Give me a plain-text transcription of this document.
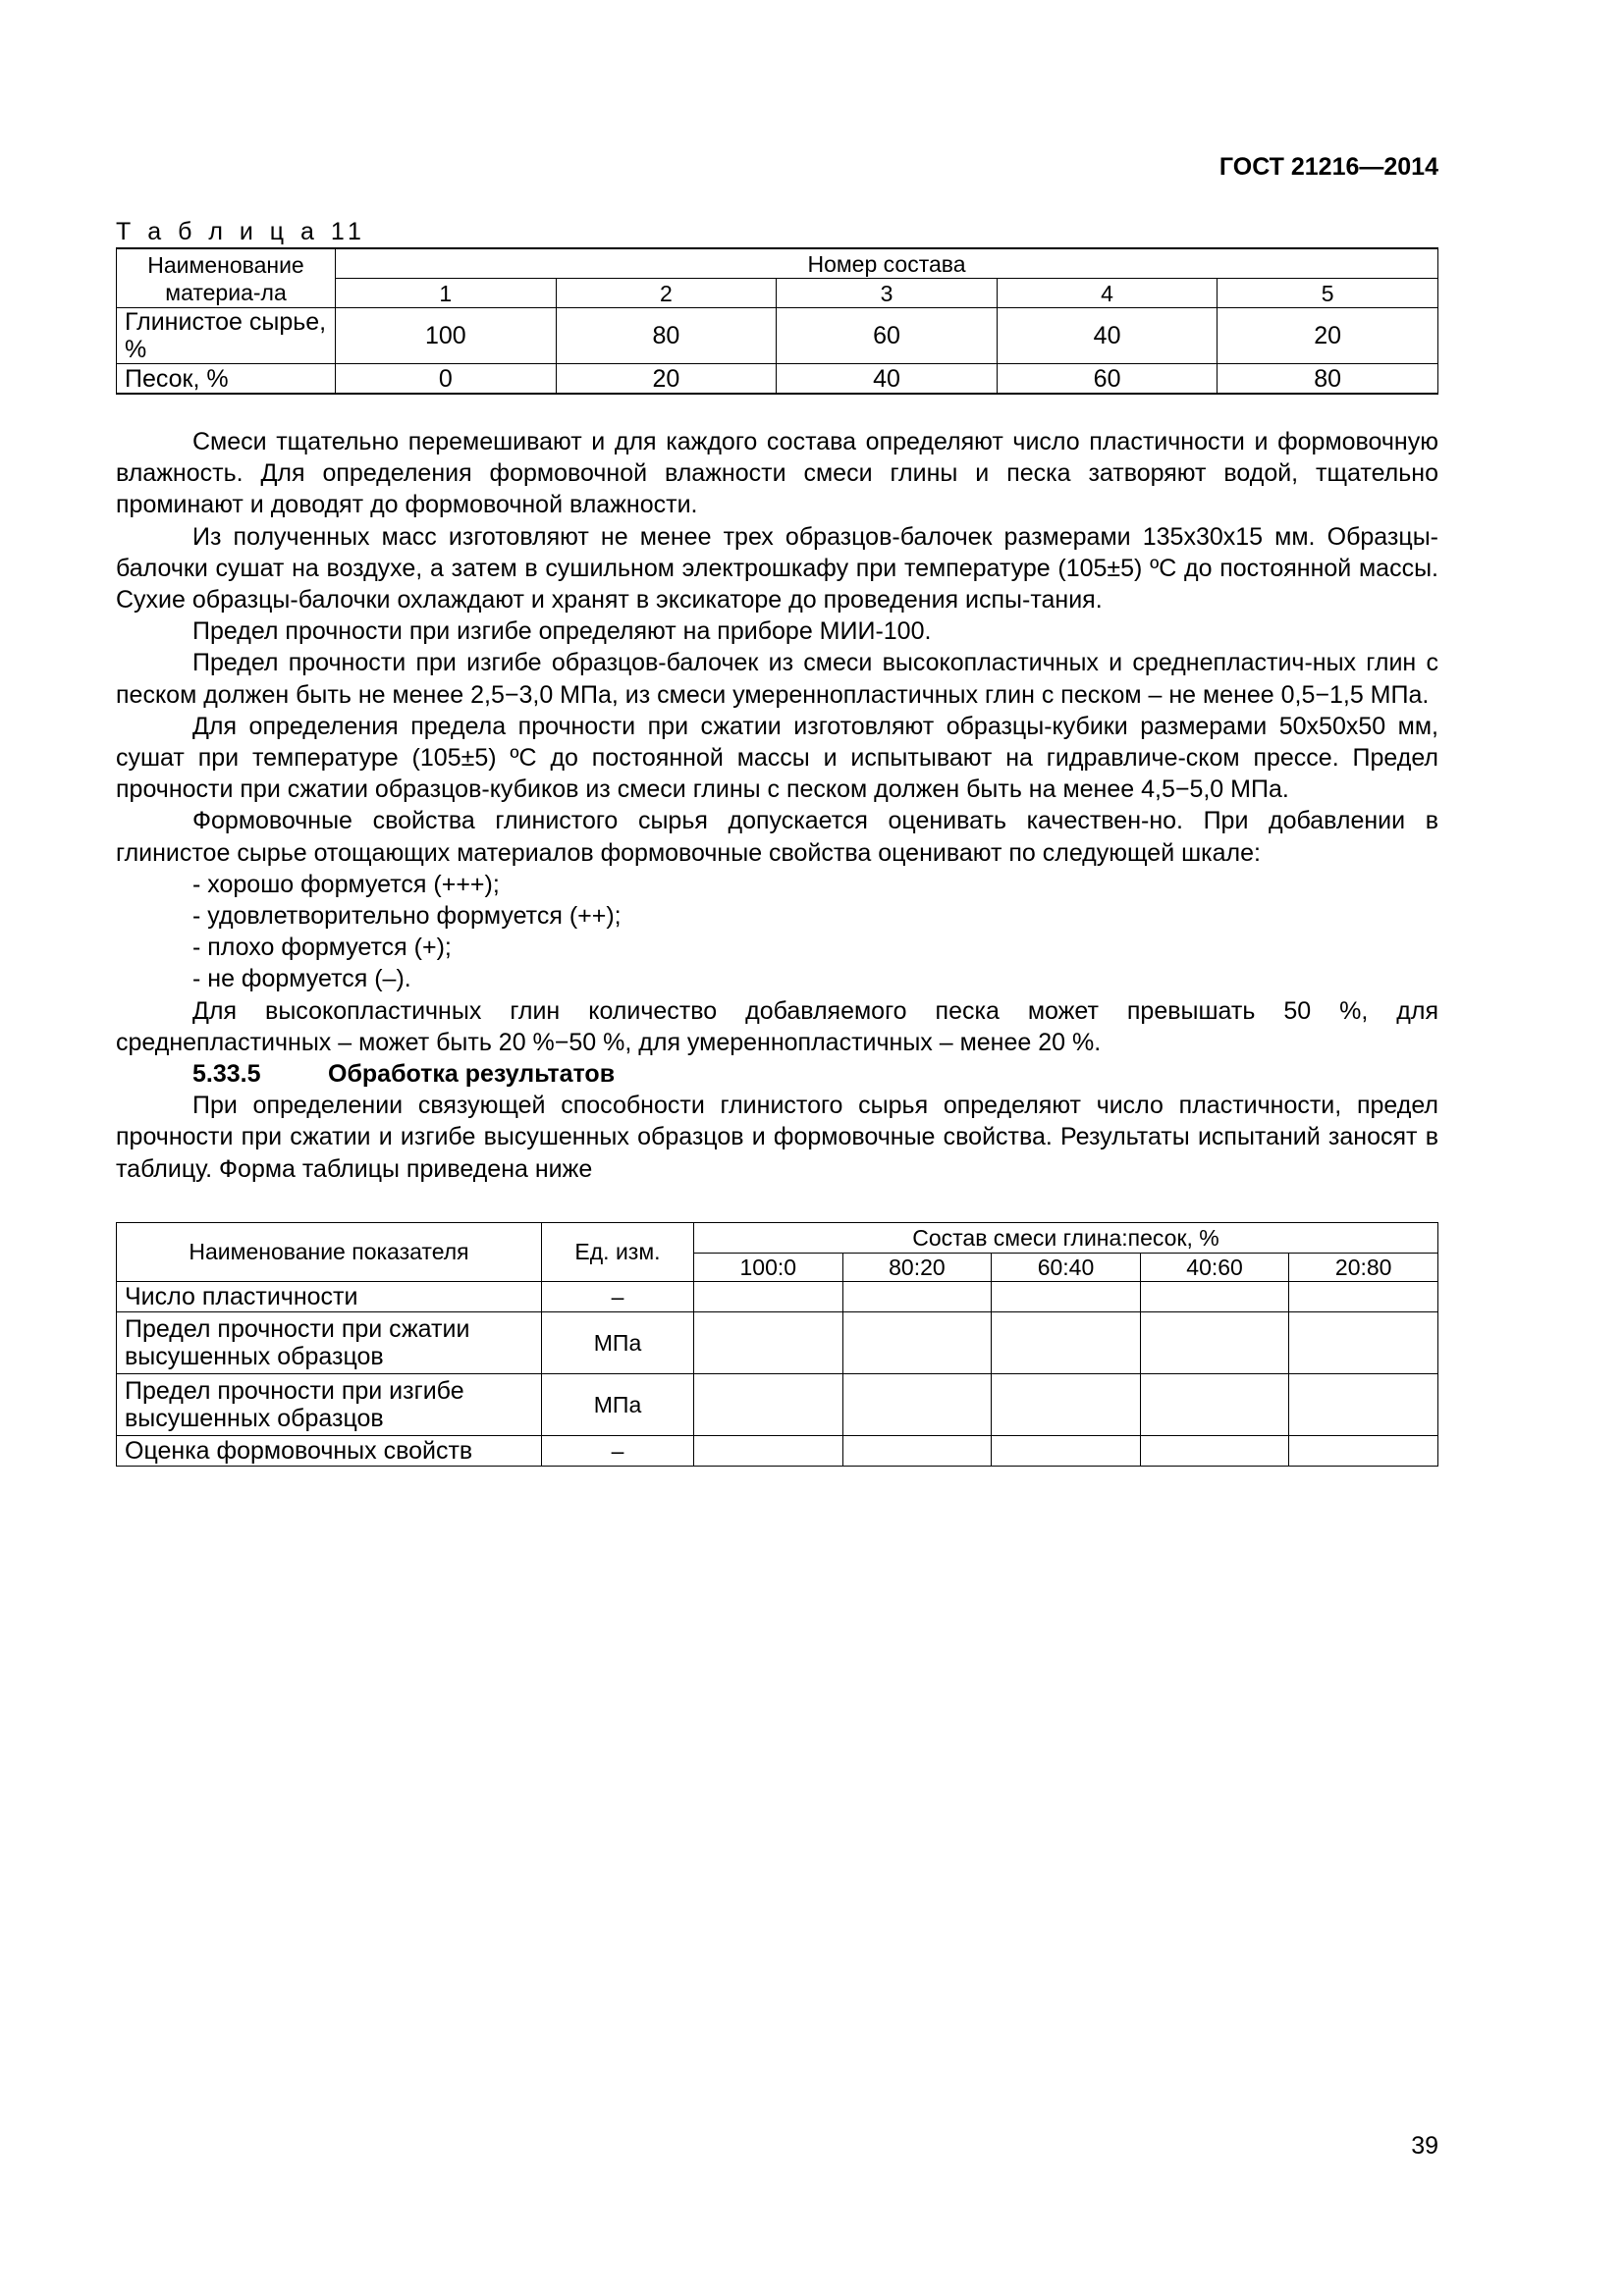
ГОСТ 21216—2014
Т а б л и ц а 11
Наименование материа-ла	Номер состава				
	1	2	3	4	5
Глинистое сырье, %	100	80	60	40	20
Песок, %	0	20	40	60	80

Смеси тщательно перемешивают и для каждого состава определяют число пластичности и формовочную влажность. Для определения формовочной влажности смеси глины и песка затворяют водой, тщательно проминают и доводят до формовочной влажности.

Из полученных масс изготовляют не менее трех образцов-балочек размерами 135х30х15 мм. Образцы-балочки сушат на воздухе, а затем в сушильном электрошкафу при температуре (105±5) ºС до постоянной массы. Сухие образцы-балочки охлаждают и хранят в эксикаторе до проведения испы-тания.

Предел прочности при изгибе определяют на приборе МИИ-100.

Предел прочности при изгибе образцов-балочек из смеси высокопластичных и среднепластич-ных глин с песком должен быть не менее 2,5−3,0 МПа, из смеси умереннопластичных глин с песком – не менее 0,5−1,5 МПа.

Для определения предела прочности при сжатии изготовляют образцы-кубики размерами 50х50х50 мм, сушат при температуре (105±5) ºС до постоянной массы и испытывают на гидравличе-ском прессе. Предел прочности при сжатии образцов-кубиков из смеси глины с песком должен быть на менее 4,5−5,0 МПа.

Формовочные свойства глинистого сырья допускается оценивать качествен-но. При добавлении в глинистое сырье отощающих материалов формовочные свойства оценивают по следующей шкале:

- хорошо формуется (+++);
- удовлетворительно формуется (++);
- плохо формуется (+);
- не формуется (–).

Для высокопластичных глин количество добавляемого песка может превышать 50 %, для среднепластичных – может быть 20 %−50 %, для умереннопластичных – менее 20 %.

5.33.5	Обработка результатов

При определении связующей способности глинистого сырья определяют число пластичности, предел прочности при сжатии и изгибе высушенных образцов и формовочные свойства. Результаты испытаний заносят в таблицу. Форма таблицы приведена ниже

Наименование показателя	Ед. изм.	Состав смеси глина:песок, %				
		100:0	80:20	60:40	40:60	20:80
Число пластичности	–					
Предел прочности при сжатии высушенных образцов	МПа					
Предел прочности при изгибе высушенных образцов	МПа					
Оценка формовочных свойств	–					
39
